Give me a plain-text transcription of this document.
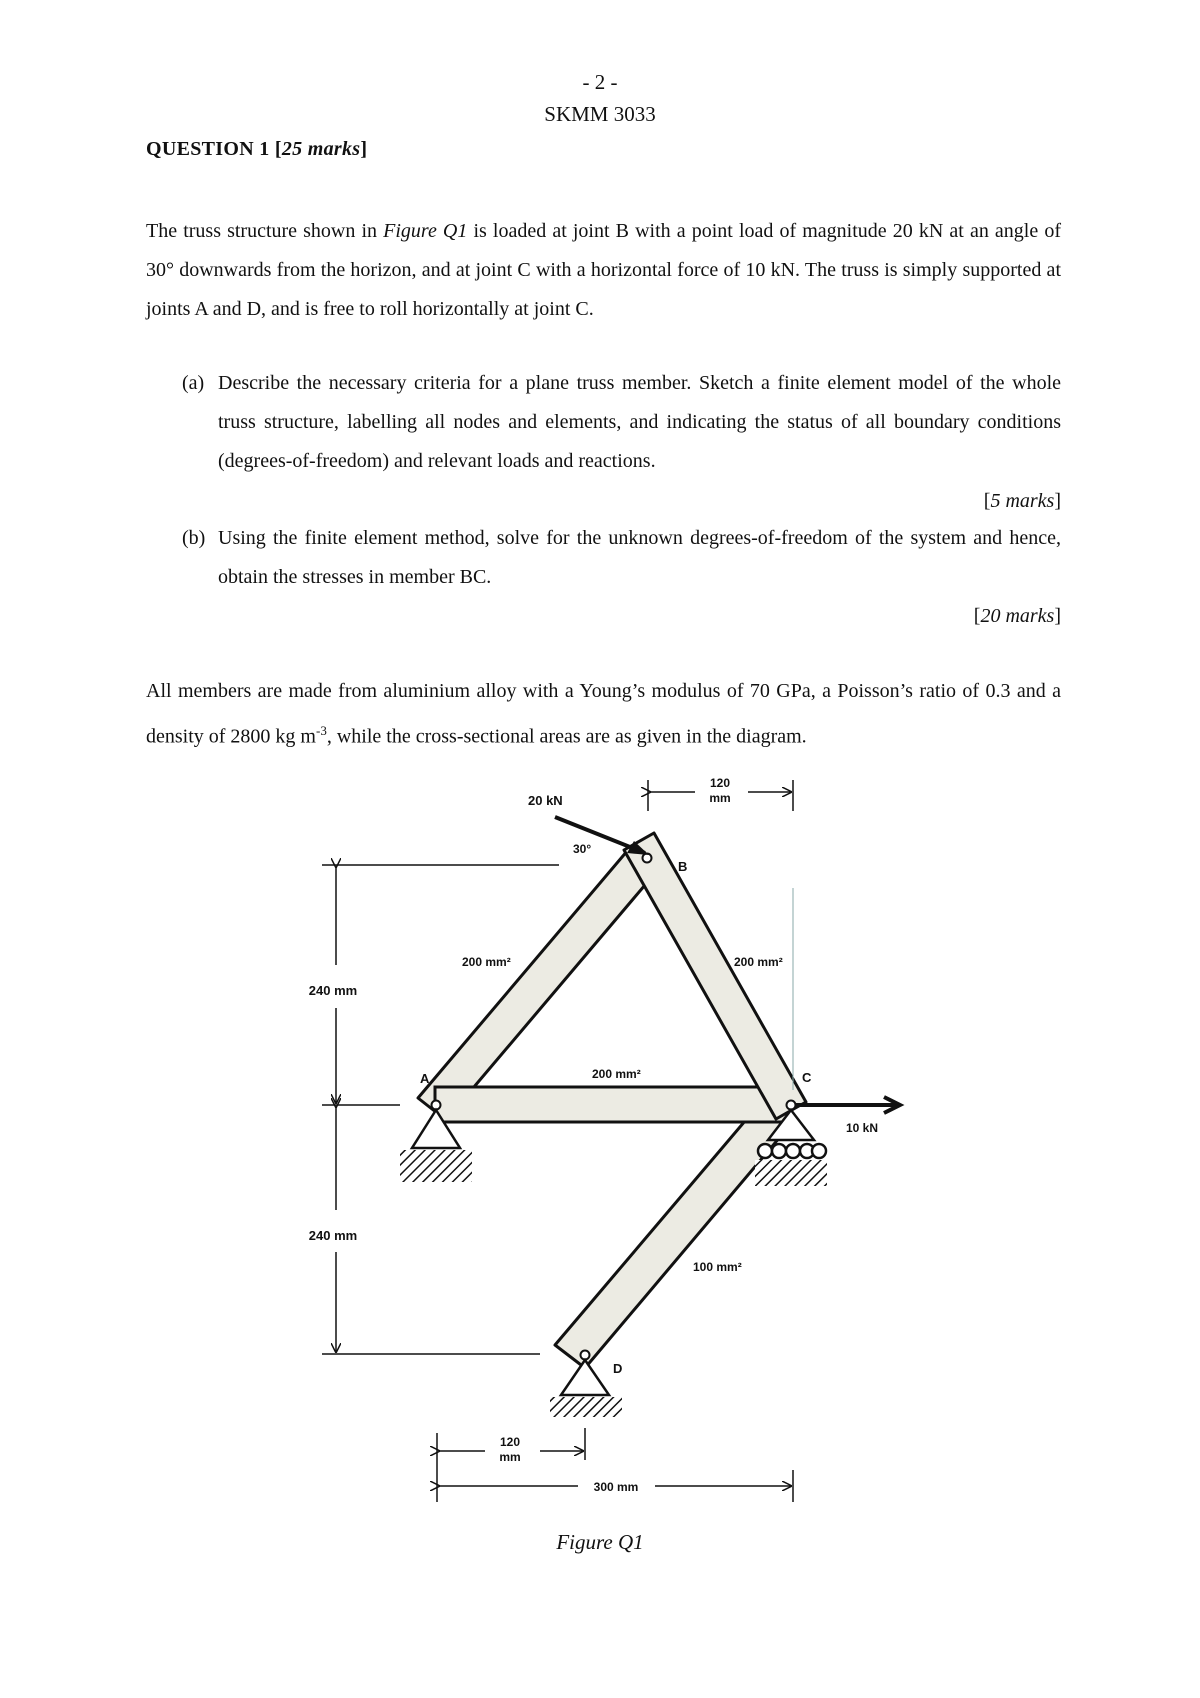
- 2 -
SKMM 3033
QUESTION 1 [25 marks]
The truss structure shown in Figure Q1 is loaded at joint B with a point load of magnitude 20 kN at an angle of 30° downwards from the horizon, and at joint C with a horizontal force of 10 kN. The truss is simply supported at joints A and D, and is free to roll horizontally at joint C.
(a) Describe the necessary criteria for a plane truss member. Sketch a finite element model of the whole truss structure, labelling all nodes and elements, and indicating the status of all boundary conditions (degrees-of-freedom) and relevant loads and reactions.
[5 marks]
(b) Using the finite element method, solve for the unknown degrees-of-freedom of the system and hence, obtain the stresses in member BC.
[20 marks]
All members are made from aluminium alloy with a Young’s modulus of 70 GPa, a Poisson’s ratio of 0.3 and a density of 2800 kg $m^{-3}$, while the cross-sectional areas are as given in the diagram.
20 kN
30°
10 kN
120
mm
120
mm
300 mm
240 mm
240 mm
200 mm²	200 mm²
200 mm²
100 mm²
A
B
C
D
Figure Q1
